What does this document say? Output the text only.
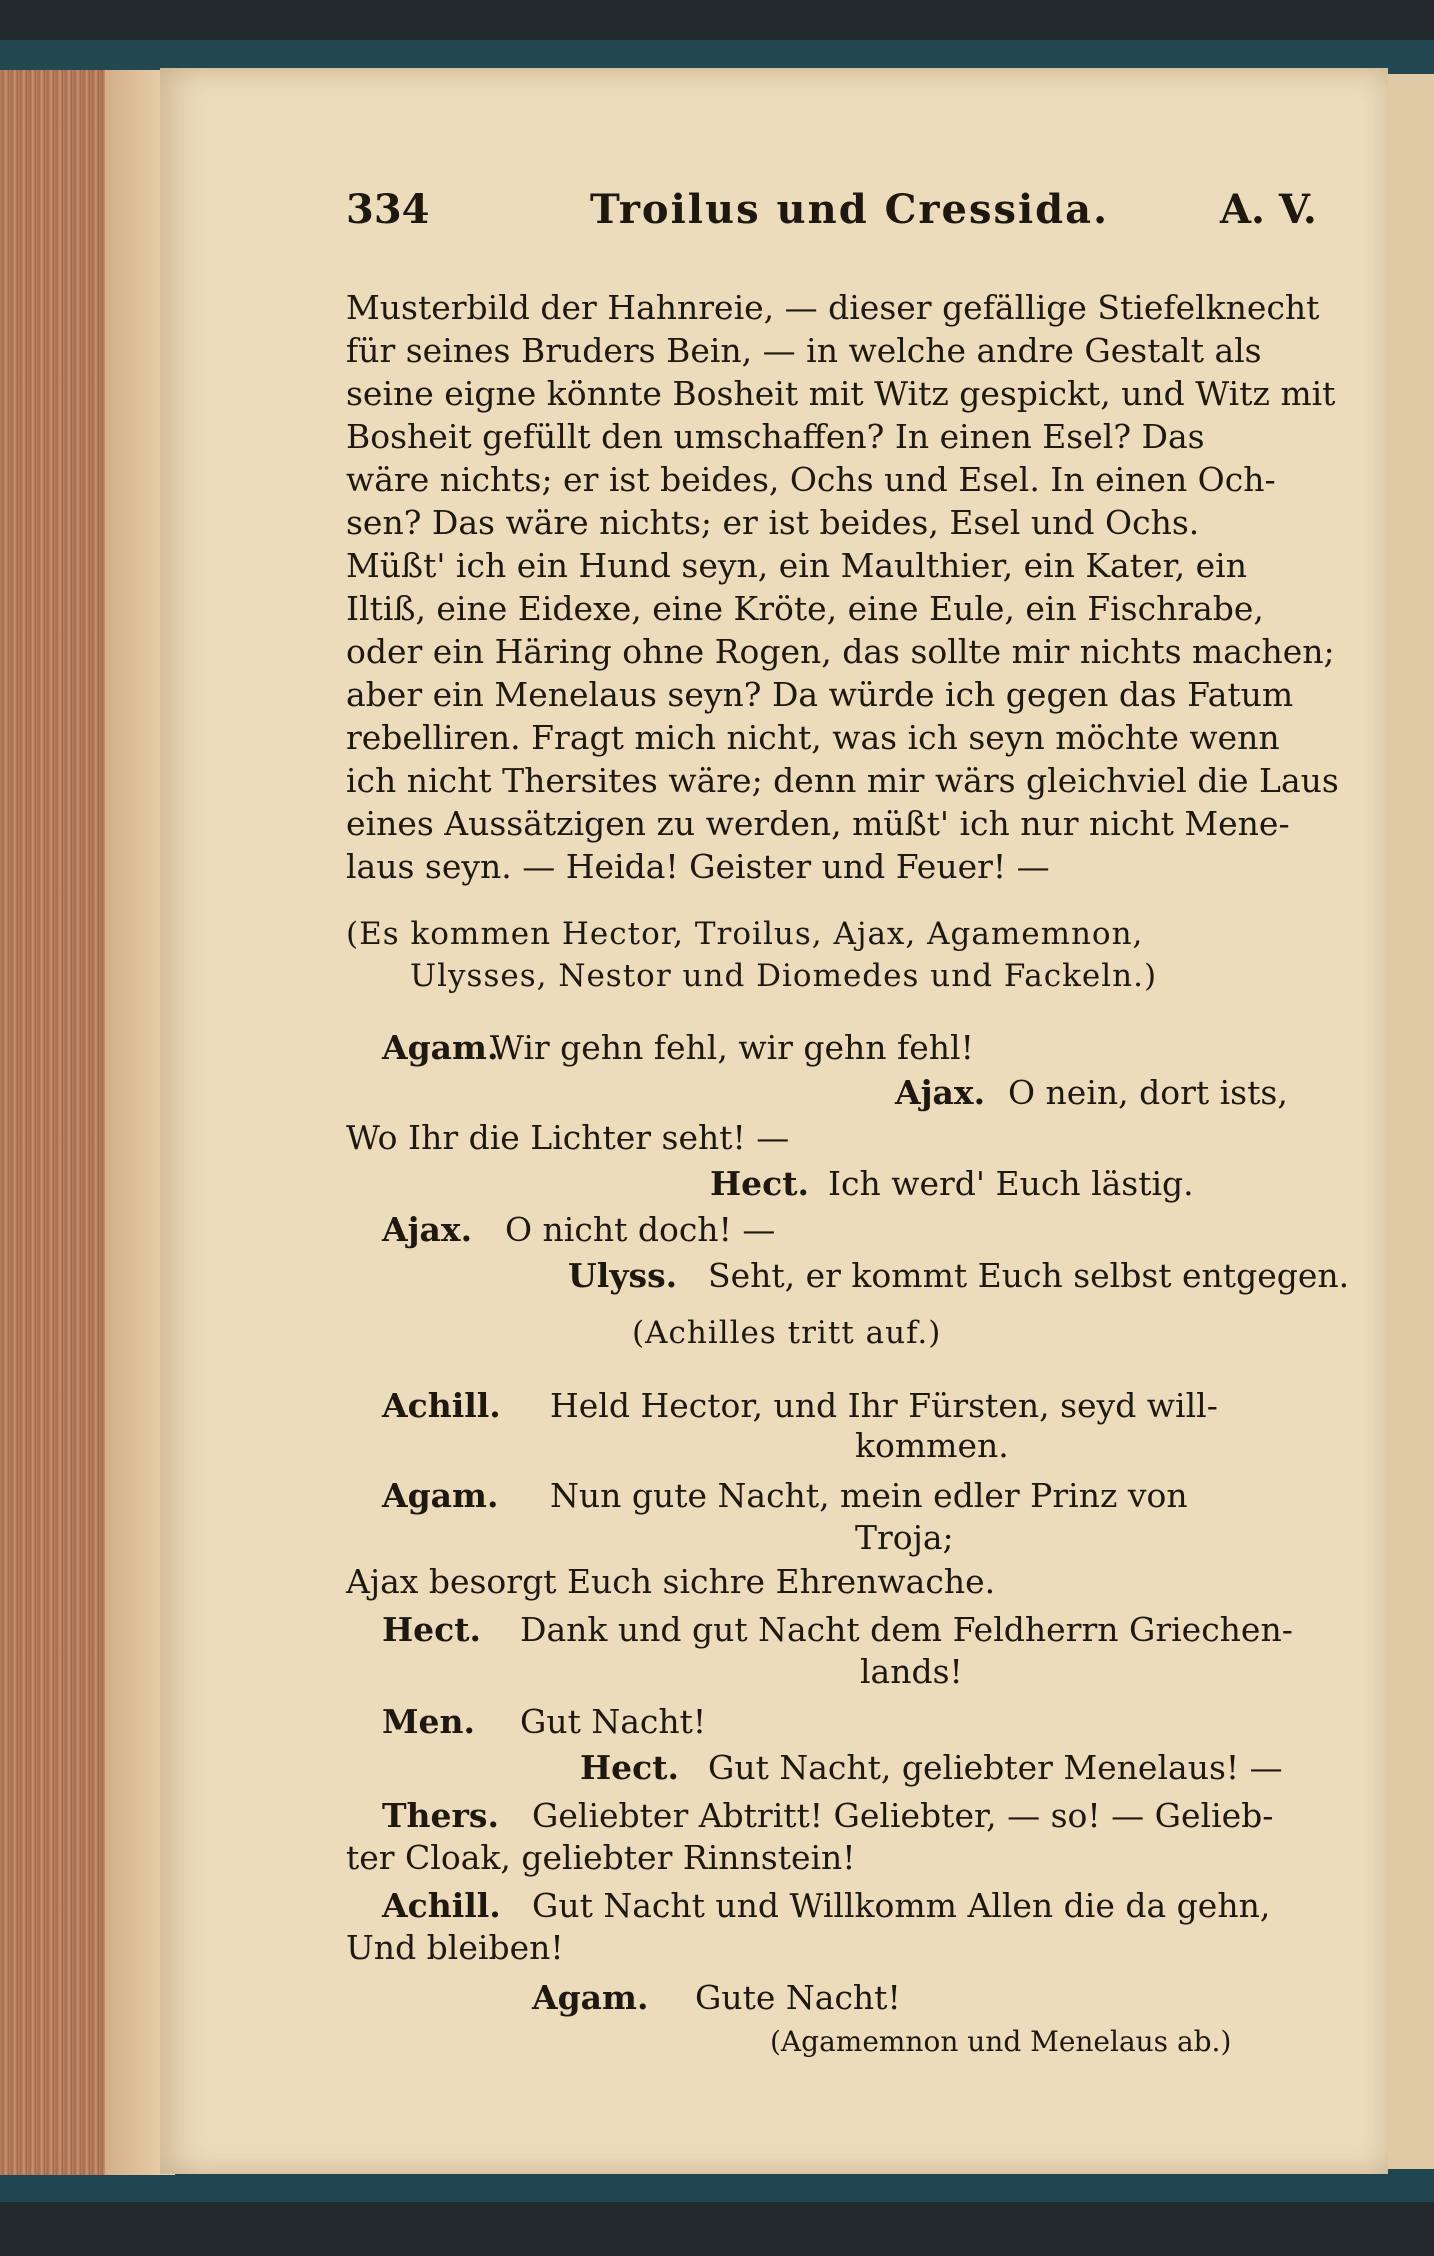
334	Troilus und Cressida.	A. V.
Musterbild der Hahnreie, — dieser gefällige Stiefelknecht
für seines Bruders Bein, — in welche andre Gestalt als
seine eigne könnte Bosheit mit Witz gespickt, und Witz mit
Bosheit gefüllt den umschaffen? In einen Esel? Das
wäre nichts; er ist beides, Ochs und Esel. In einen Och-
sen? Das wäre nichts; er ist beides, Esel und Ochs.
Müßt' ich ein Hund seyn, ein Maulthier, ein Kater, ein
Iltiß, eine Eidexe, eine Kröte, eine Eule, ein Fischrabe,
oder ein Häring ohne Rogen, das sollte mir nichts machen;
aber ein Menelaus seyn? Da würde ich gegen das Fatum
rebelliren. Fragt mich nicht, was ich seyn möchte wenn
ich nicht Thersites wäre; denn mir wärs gleichviel die Laus
eines Aussätzigen zu werden, müßt' ich nur nicht Mene-
laus seyn. — Heida! Geister und Feuer! —
(Es kommen Hector, Troilus, Ajax, Agamemnon,
Ulysses, Nestor und Diomedes und Fackeln.)
Agam.
Wir gehn fehl, wir gehn fehl!
Ajax. O nein, dort ists,
Wo Ihr die Lichter seht! —
Hect. Ich werd' Euch lästig.
Ajax. O nicht doch! —
Ulyss. Seht, er kommt Euch selbst entgegen.
(Achilles tritt auf.)
Achill. Held Hector, und Ihr Fürsten, seyd will-
kommen.
Agam. Nun gute Nacht, mein edler Prinz von
Troja;
Ajax besorgt Euch sichre Ehrenwache.
Hect. Dank und gut Nacht dem Feldherrn Griechen-
lands!
Men. Gut Nacht!
Hect. Gut Nacht, geliebter Menelaus! —
Thers. Geliebter Abtritt! Geliebter, — so! — Gelieb-
ter Cloak, geliebter Rinnstein!
Achill. Gut Nacht und Willkomm Allen die da gehn,
Und bleiben!
Agam. Gute Nacht!
(Agamemnon und Menelaus ab.)
